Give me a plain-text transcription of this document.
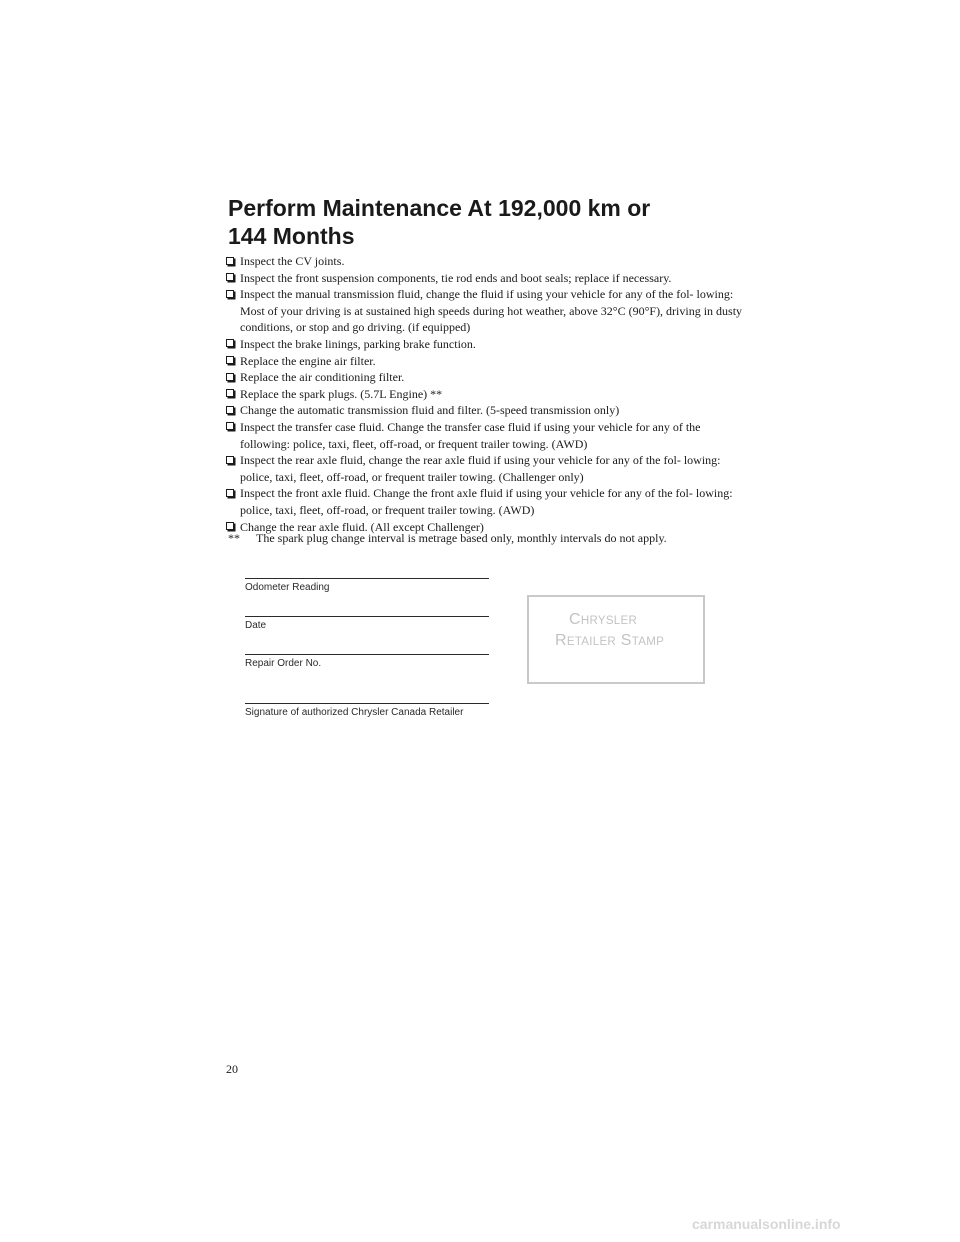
Perform Maintenance At 192,000 km or
144 Months
Inspect the CV joints.
Inspect the front suspension components, tie rod ends and boot seals; replace if necessary.
Inspect the manual transmission fluid, change the fluid if using your vehicle for any of the fol- lowing: Most of your driving is at sustained high speeds during hot weather, above 32°C (90°F), driving in dusty conditions, or stop and go driving. (if equipped)
Inspect the brake linings, parking brake function.
Replace the engine air filter.
Replace the air conditioning filter.
Replace the spark plugs. (5.7L Engine) **
Change the automatic transmission fluid and filter. (5-speed transmission only)
Inspect the transfer case fluid. Change the transfer case fluid if using your vehicle for any of the following: police, taxi, fleet, off-road, or frequent trailer towing. (AWD)
Inspect the rear axle fluid, change the rear axle fluid if using your vehicle for any of the fol- lowing: police, taxi, fleet, off-road, or frequent trailer towing. (Challenger only)
Inspect the front axle fluid. Change the front axle fluid if using your vehicle for any of the fol- lowing: police, taxi, fleet, off-road, or frequent trailer towing. (AWD)
Change the rear axle fluid. (All except Challenger)
** The spark plug change interval is metrage based only, monthly intervals do not apply.
Odometer Reading
Date
Repair Order No.
Signature of authorized Chrysler Canada Retailer
CHRYSLER
RETAILER STAMP
20
carmanualsonline.info
